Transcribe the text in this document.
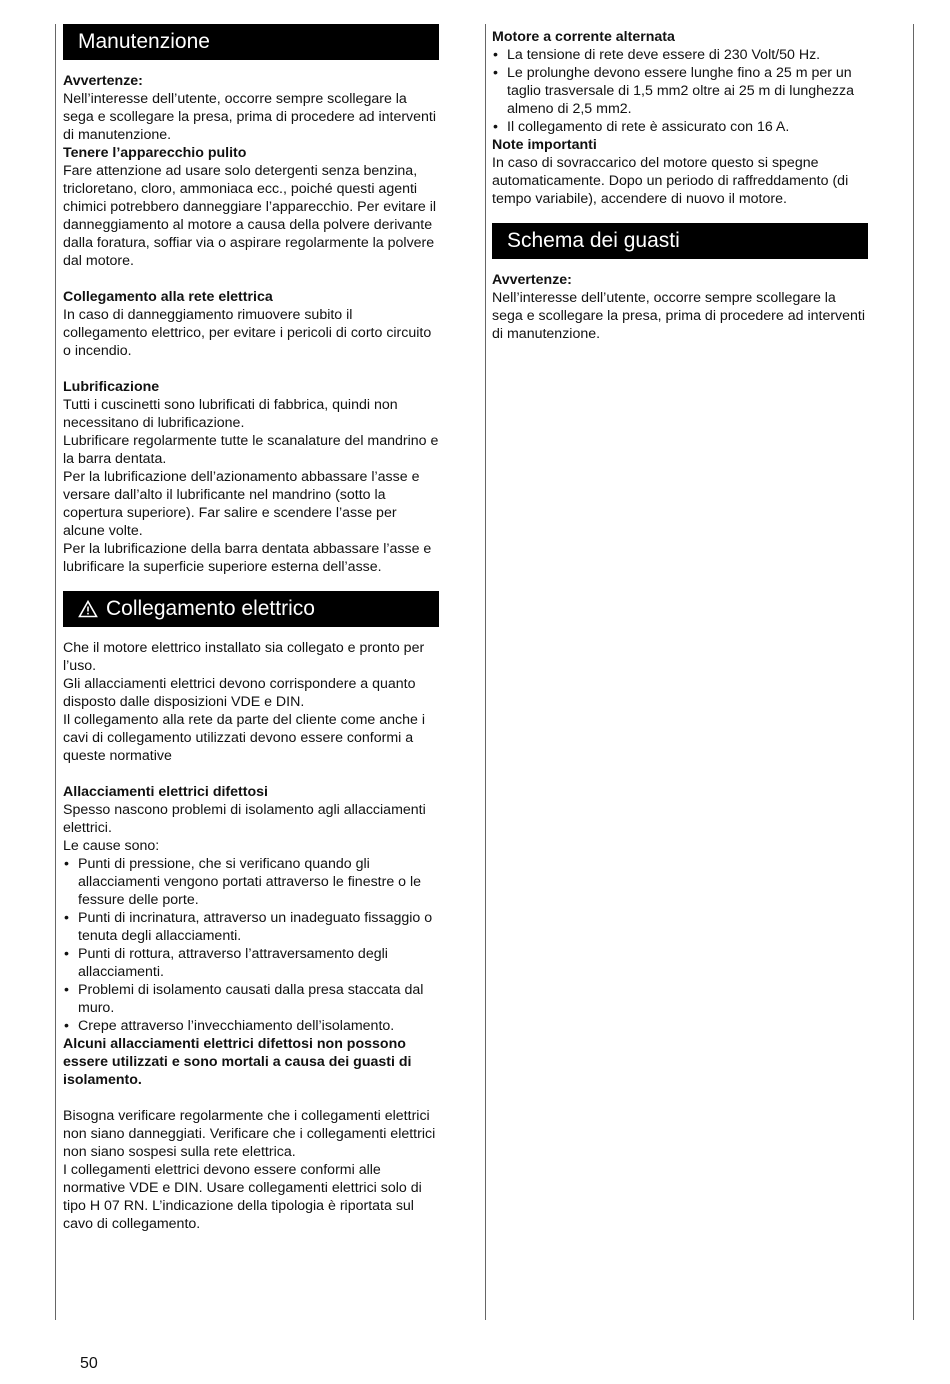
Manutenzione

Avvertenze:

Nell’interesse dell’utente, occorre sempre scollegare la sega e scollegare la presa, prima di procedere ad interventi di manutenzione.

Tenere l’apparecchio pulito

Fare attenzione ad usare solo detergenti senza benzina, tricloretano, cloro, ammoniaca ecc., poiché questi agenti chimici potrebbero danneggiare l’apparecchio. Per evitare il danneggiamento al motore a causa della polvere derivante dalla foratura, soffiar via o aspirare regolarmente la polvere dal motore.

Collegamento alla rete elettrica

In caso di danneggiamento rimuovere subito il collegamento elettrico, per evitare i pericoli di corto circuito o incendio.

Lubrificazione

Tutti i cuscinetti sono lubrificati di fabbrica, quindi non necessitano di lubrificazione.

Lubrificare regolarmente tutte le scanalature del mandrino e la barra dentata.

Per la lubrificazione dell’azionamento abbassare l’asse e versare dall’alto il lubrificante nel mandrino (sotto la copertura superiore). Far salire e scendere l’asse per alcune volte.

Per la lubrificazione della barra dentata abbassare l’asse e lubrificare la superficie superiore esterna dell’asse.

Collegamento elettrico

Che il motore elettrico installato sia collegato e pronto per l’uso.

Gli allacciamenti elettrici devono corrispondere a quanto disposto dalle disposizioni VDE e DIN.

Il collegamento alla rete da parte del cliente come anche i cavi di collegamento utilizzati devono essere conformi a queste normative

Allacciamenti elettrici difettosi

Spesso nascono problemi di isolamento agli allacciamenti elettrici.

Le cause sono:

• Punti di pressione, che si verificano quando gli allacciamenti vengono portati attraverso le finestre o le fessure delle porte.
• Punti di incrinatura, attraverso un inadeguato fissaggio o tenuta degli allacciamenti.
• Punti di rottura, attraverso l’attraversamento degli allacciamenti.
• Problemi di isolamento causati dalla presa staccata dal muro.
• Crepe attraverso l’invecchiamento dell’isolamento.

Alcuni allacciamenti elettrici difettosi non possono essere utilizzati e sono mortali a causa dei guasti di isolamento.

Bisogna verificare regolarmente che i collegamenti elettrici non siano danneggiati. Verificare che i collegamenti elettrici non siano sospesi sulla rete elettrica.

I collegamenti elettrici devono essere conformi alle normative VDE e DIN. Usare collegamenti elettrici solo di tipo H 07 RN. L’indicazione della tipologia è riportata sul cavo di collegamento.

Motore a corrente alternata

• La tensione di rete deve essere di 230 Volt/50 Hz.
• Le prolunghe devono essere lunghe fino a 25 m per un taglio trasversale di 1,5 mm2 oltre ai 25 m di lunghezza almeno di 2,5 mm2.
• Il collegamento di rete è assicurato con 16 A.

Note importanti

In caso di sovraccarico del motore questo si spegne automaticamente. Dopo un periodo di raffreddamento (di tempo variabile), accendere di nuovo il motore.

Schema dei guasti

Avvertenze:

Nell’interesse dell’utente, occorre sempre scollegare la sega e scollegare la presa, prima di procedere ad interventi di manutenzione.

50
